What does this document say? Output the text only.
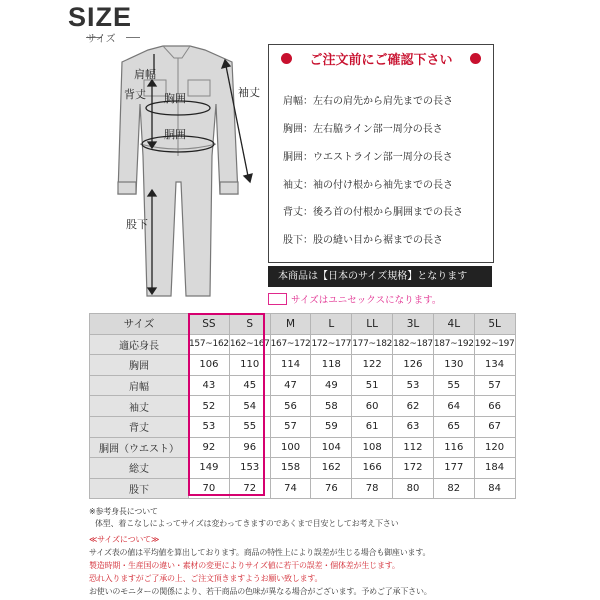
SIZE
サイズ
肩幅
背丈 胸囲
胴囲
袖丈
股下
ご注文前にご確認下さい
肩幅：左右の肩先から肩先までの長さ
胸囲：左右脇ライン部一周分の長さ
胴囲：ウエストライン部一周分の長さ
袖丈：袖の付け根から袖先までの長さ
背丈：後ろ首の付根から胴囲までの長さ
股下：股の縫い目から裾までの長さ
本商品は【日本のサイズ規格】となります
サイズはユニセックスになります。
サイズ	SS	S	M	L	LL	3L	4L	5L
適応身長	157~162	162~167	167~172	172~177	177~182	182~187	187~192	192~197
胸囲	106	110	114	118	122	126	130	134
肩幅	43	45	47	49	51	53	55	57
袖丈	52	54	56	58	60	62	64	66
背丈	53	55	57	59	61	63	65	67
胴囲（ウエスト）	92	96	100	104	108	112	116	120
総丈	149	153	158	162	166	172	177	184
股下	70	72	74	76	78	80	82	84
※参考身長について
体型、着こなしによってサイズは変わってきますのであくまで目安としてお考え下さい
≪サイズについて≫
サイズ表の値は平均値を算出しております。商品の特性上により誤差が生じる場合も御座います。
製造時期・生産国の違い・素材の変更によりサイズ値に若干の誤差・個体差が生じます。
恐れ入りますがご了承の上、ご注文頂きますようお願い致します。
お使いのモニターの関係により、若干商品の色味が異なる場合がございます。予めご了承下さい。
